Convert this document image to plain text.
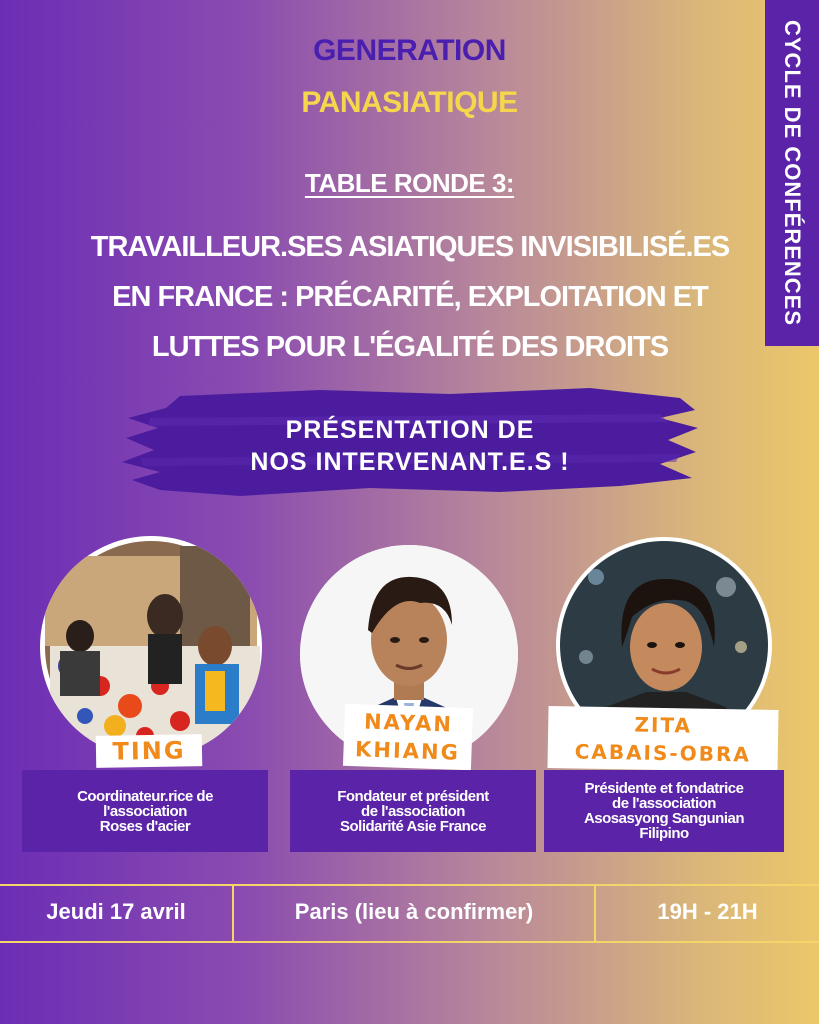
CYCLE DE CONFÉRENCES
GENERATION
PANASIATIQUE
TABLE RONDE 3:
TRAVAILLEUR.SES ASIATIQUES INVISIBILISÉ.ES
EN FRANCE : PRÉCARITÉ, EXPLOITATION ET
LUTTES POUR L'ÉGALITÉ DES DROITS
PRÉSENTATION DE
NOS INTERVENANT.E.S !
TING
NAYAN
KHIANG
ZITA
CABAIS-OBRA
Coordinateur.rice de
l'association
Roses d'acier
Fondateur et président
de l'association
Solidarité Asie France
Présidente et fondatrice
de l'association
Asosasyong Sangunian
Filipino
Jeudi 17 avril	Paris (lieu à confirmer)	19H - 21H
